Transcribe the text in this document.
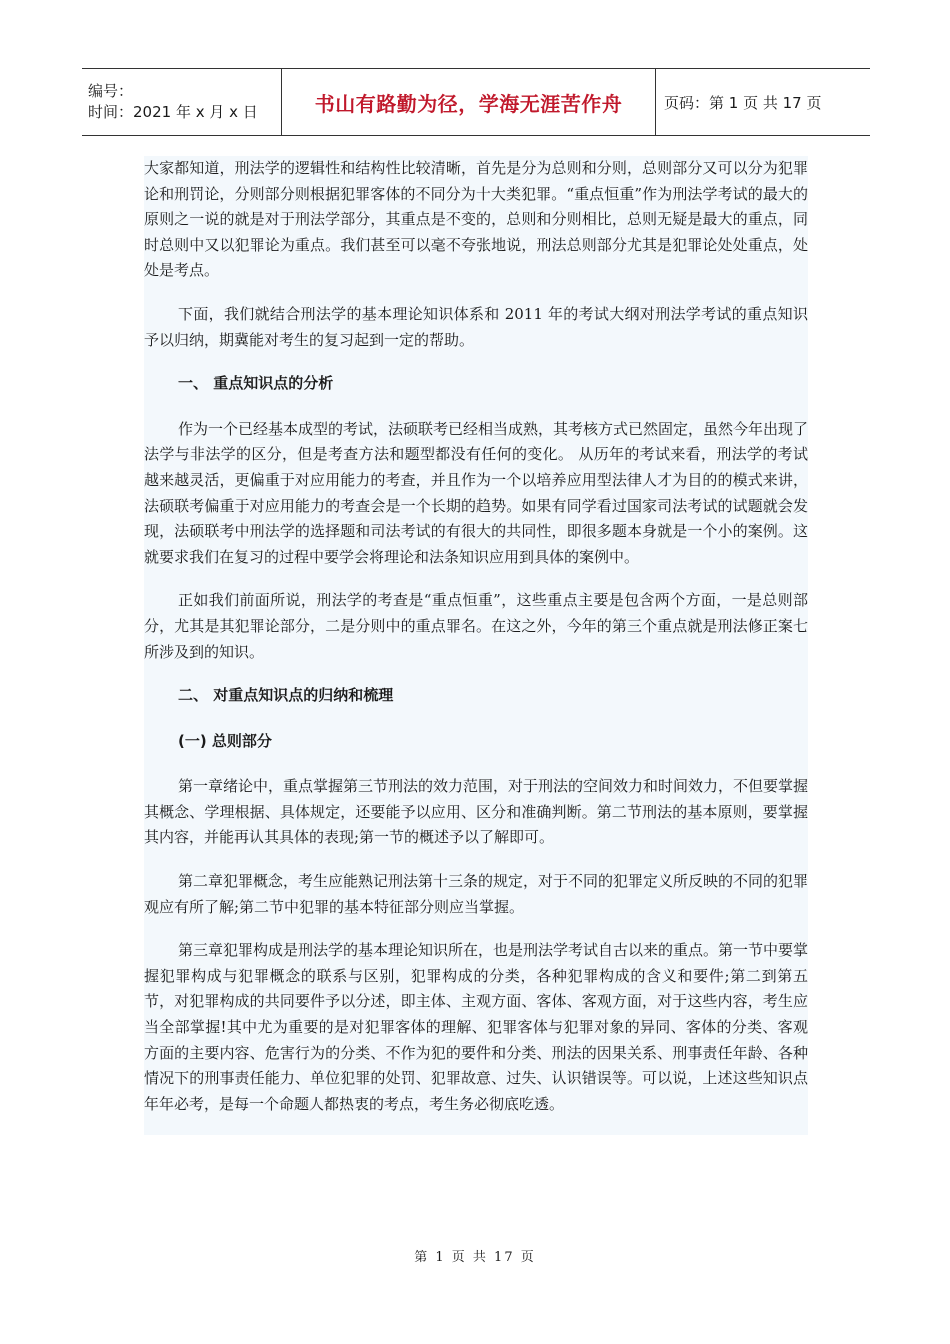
编号：
时间：2021 年 x 月 x 日	书山有路勤为径，学海无涯苦作舟	页码：第 1 页 共 17 页

大家都知道，刑法学的逻辑性和结构性比较清晰，首先是分为总则和分则，总则部分又可以分为犯罪论和刑罚论，分则部分则根据犯罪客体的不同分为十大类犯罪。“重点恒重”作为刑法学考试的最大的原则之一说的就是对于刑法学部分，其重点是不变的，总则和分则相比，总则无疑是最大的重点，同时总则中又以犯罪论为重点。我们甚至可以毫不夸张地说，刑法总则部分尤其是犯罪论处处重点，处处是考点。

下面，我们就结合刑法学的基本理论知识体系和 2011 年的考试大纲对刑法学考试的重点知识予以归纳，期冀能对考生的复习起到一定的帮助。

一、 重点知识点的分析

作为一个已经基本成型的考试，法硕联考已经相当成熟，其考核方式已然固定，虽然今年出现了法学与非法学的区分，但是考查方法和题型都没有任何的变化。 从历年的考试来看，刑法学的考试越来越灵活，更偏重于对应用能力的考查，并且作为一个以培养应用型法律人才为目的的模式来讲，法硕联考偏重于对应用能力的考查会是一个长期的趋势。如果有同学看过国家司法考试的试题就会发现，法硕联考中刑法学的选择题和司法考试的有很大的共同性，即很多题本身就是一个小的案例。这就要求我们在复习的过程中要学会将理论和法条知识应用到具体的案例中。

正如我们前面所说，刑法学的考查是“重点恒重”，这些重点主要是包含两个方面，一是总则部分，尤其是其犯罪论部分，二是分则中的重点罪名。在这之外，今年的第三个重点就是刑法修正案七所涉及到的知识。

二、 对重点知识点的归纳和梳理
(一) 总则部分

第一章绪论中，重点掌握第三节刑法的效力范围，对于刑法的空间效力和时间效力，不但要掌握其概念、学理根据、具体规定，还要能予以应用、区分和准确判断。第二节刑法的基本原则，要掌握其内容，并能再认其具体的表现;第一节的概述予以了解即可。

第二章犯罪概念，考生应能熟记刑法第十三条的规定，对于不同的犯罪定义所反映的不同的犯罪观应有所了解;第二节中犯罪的基本特征部分则应当掌握。

第三章犯罪构成是刑法学的基本理论知识所在，也是刑法学考试自古以来的重点。第一节中要掌握犯罪构成与犯罪概念的联系与区别，犯罪构成的分类，各种犯罪构成的含义和要件;第二到第五节，对犯罪构成的共同要件予以分述，即主体、主观方面、客体、客观方面，对于这些内容，考生应当全部掌握!其中尤为重要的是对犯罪客体的理解、犯罪客体与犯罪对象的异同、客体的分类、客观方面的主要内容、危害行为的分类、不作为犯的要件和分类、刑法的因果关系、刑事责任年龄、各种情况下的刑事责任能力、单位犯罪的处罚、犯罪故意、过失、认识错误等。可以说，上述这些知识点年年必考，是每一个命题人都热衷的考点，考生务必彻底吃透。

第 1 页 共 17 页
